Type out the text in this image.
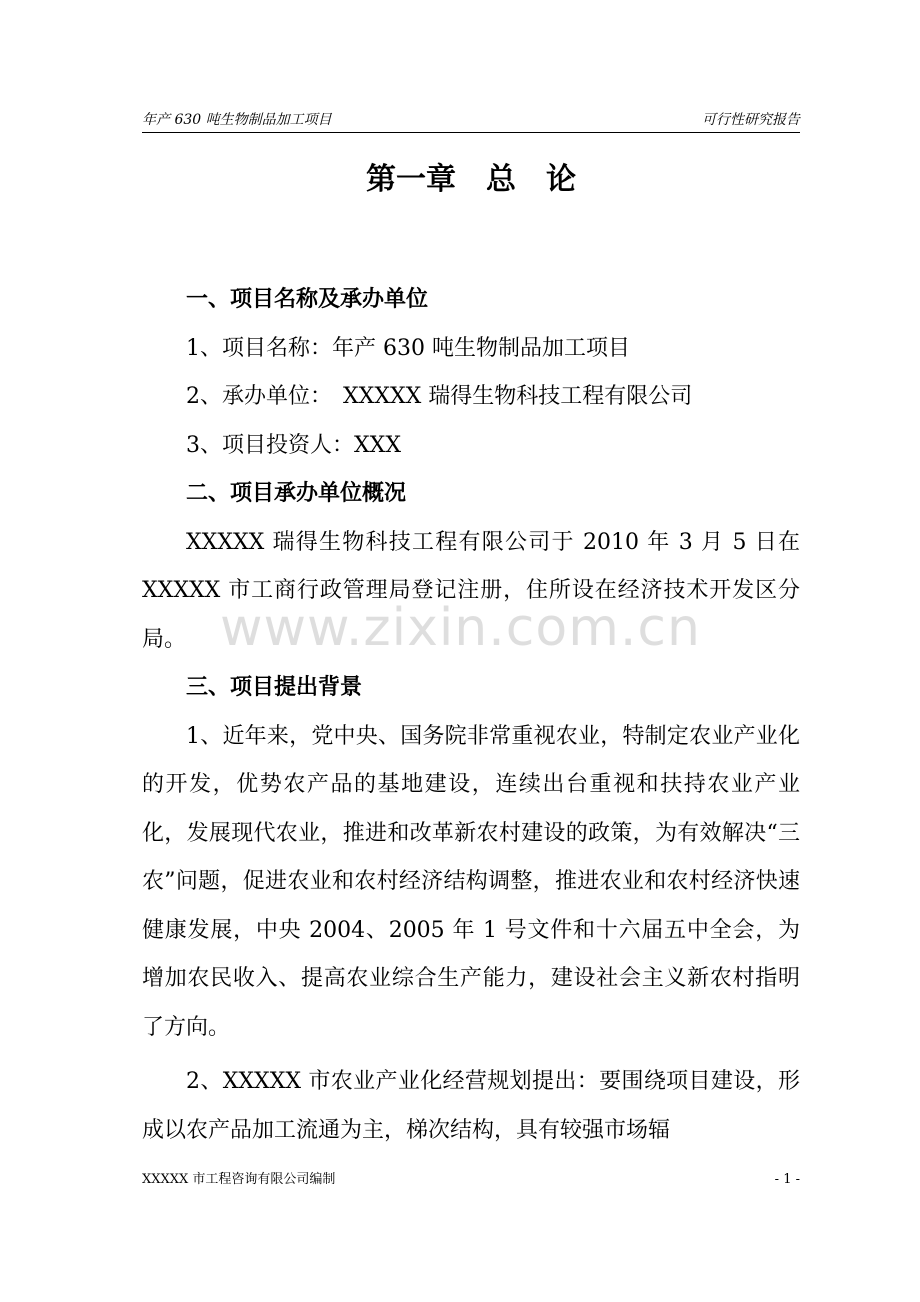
年产 630 吨生物制品加工项目	可行性研究报告
第一章　总　论

一、项目名称及承办单位

1、项目名称：年产 630 吨生物制品加工项目

2、承办单位：　XXXXX 瑞得生物科技工程有限公司

3、项目投资人：XXX

二、项目承办单位概况

XXXXX 瑞得生物科技工程有限公司于 2010 年 3 月 5 日在 XXXXX 市工商行政管理局登记注册，住所设在经济技术开发区分局。

三、项目提出背景

1、近年来，党中央、国务院非常重视农业，特制定农业产业化的开发，优势农产品的基地建设，连续出台重视和扶持农业产业化，发展现代农业，推进和改革新农村建设的政策，为有效解决“三农”问题，促进农业和农村经济结构调整，推进农业和农村经济快速健康发展，中央 2004、2005 年 1 号文件和十六届五中全会，为增加农民收入、提高农业综合生产能力，建设社会主义新农村指明了方向。

2、XXXXX 市农业产业化经营规划提出：要围绕项目建设，形成以农产品加工流通为主，梯次结构，具有较强市场辐

www.zixin.com.cn
XXXXX 市工程咨询有限公司编制	- 1 -
